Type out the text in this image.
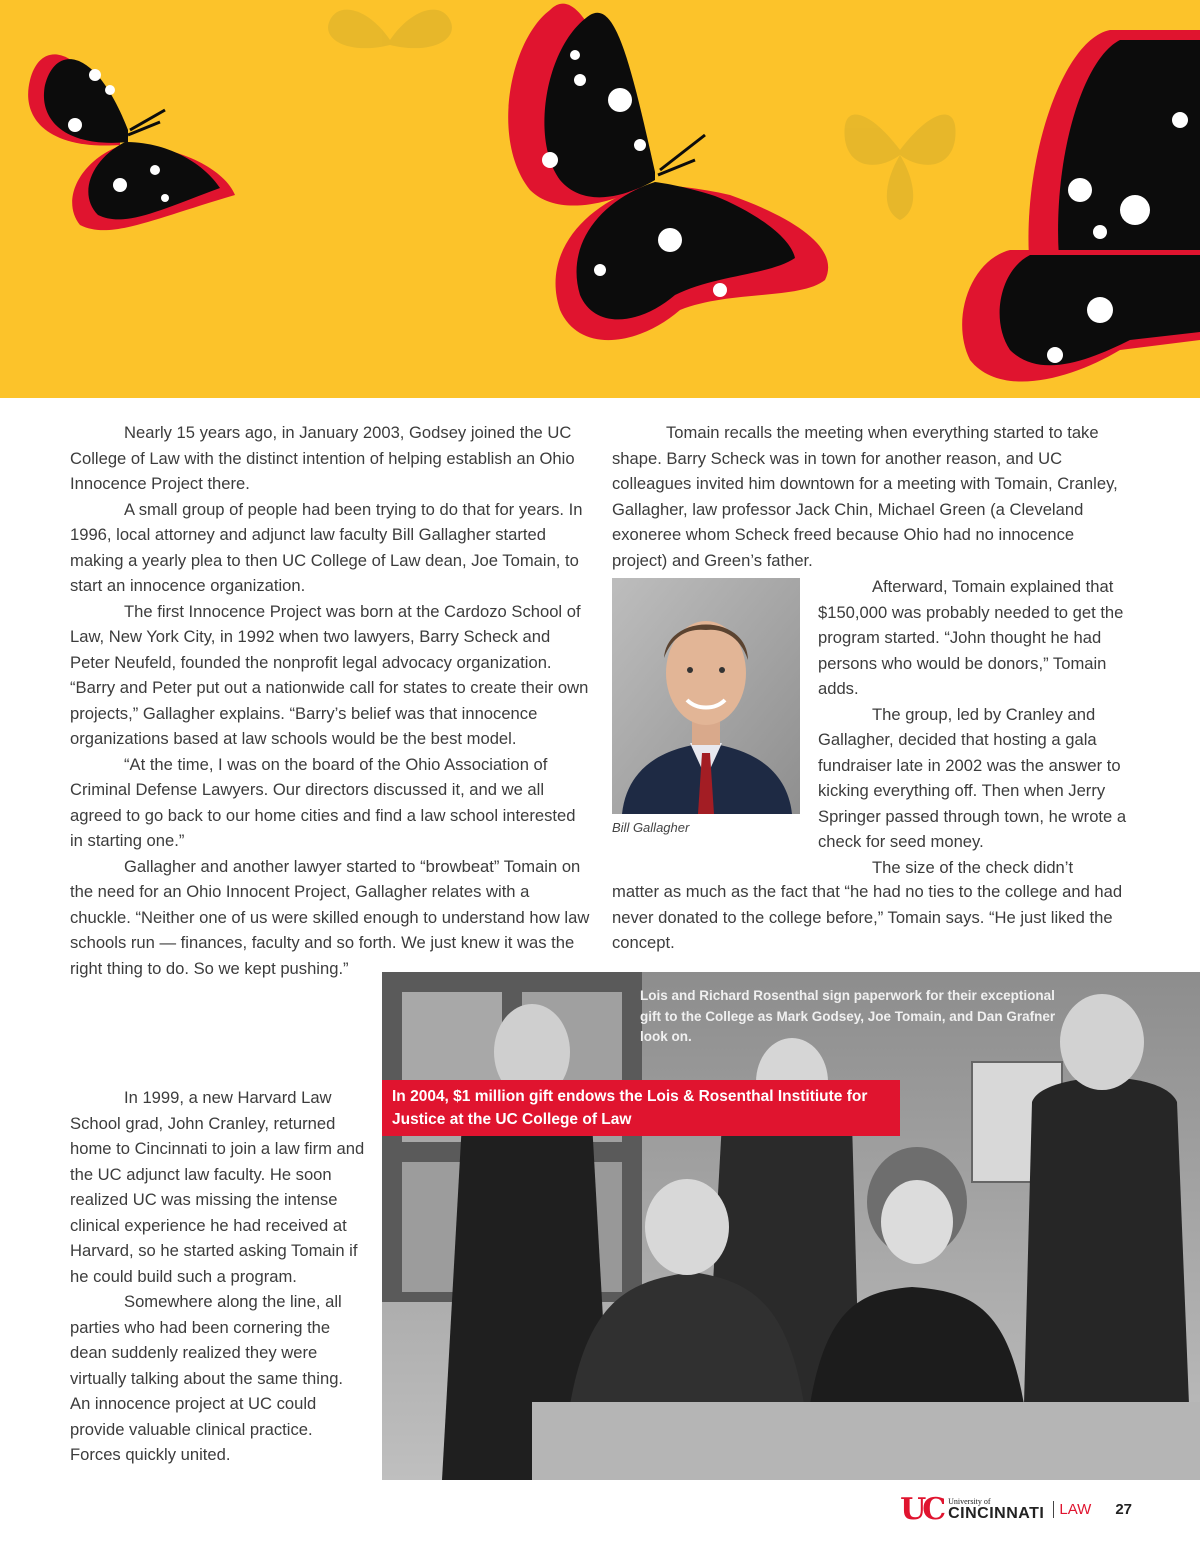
Nearly 15 years ago, in January 2003, Godsey joined the UC College of Law with the distinct intention of helping establish an Ohio Innocence Project there.

A small group of people had been trying to do that for years. In 1996, local attorney and adjunct law faculty Bill Gallagher started making a yearly plea to then UC College of Law dean, Joe Tomain, to start an innocence organization.

The first Innocence Project was born at the Cardozo School of Law, New York City, in 1992 when two lawyers, Barry Scheck and Peter Neufeld, founded the nonprofit legal advocacy organization. “Barry and Peter put out a nationwide call for states to create their own projects,” Gallagher explains. “Barry’s belief was that innocence organizations based at law schools would be the best model.

“At the time, I was on the board of the Ohio Association of Criminal Defense Lawyers. Our directors discussed it, and we all agreed to go back to our home cities and find a law school interested in starting one.”

Gallagher and another lawyer started to “browbeat” Tomain on the need for an Ohio Innocent Project, Gallagher relates with a chuckle. “Neither one of us were skilled enough to understand how law schools run — finances, faculty and so forth. We just knew it was the right thing to do. So we kept pushing.”

In 1999, a new Harvard Law School grad, John Cranley, returned home to Cincinnati to join a law firm and the UC adjunct law faculty. He soon realized UC was missing the intense clinical experience he had received at Harvard, so he started asking Tomain if he could build such a program.

Somewhere along the line, all parties who had been cornering the dean suddenly realized they were virtually talking about the same thing. An innocence project at UC could provide valuable clinical practice. Forces quickly united.

Tomain recalls the meeting when everything started to take shape. Barry Scheck was in town for another reason, and UC colleagues invited him downtown for a meeting with Tomain, Cranley, Gallagher, law professor Jack Chin, Michael Green (a Cleveland exoneree whom Scheck freed because Ohio had no innocence project) and Green’s father.

Bill Gallagher

Afterward, Tomain explained that $150,000 was probably needed to get the program started. “John thought he had persons who would be donors,” Tomain adds.

The group, led by Cranley and Gallagher, decided that hosting a gala fundraiser late in 2002 was the answer to kicking everything off. Then when Jerry Springer passed through town, he wrote a check for seed money.

The size of the check didn’t

matter as much as the fact that “he had no ties to the college and had never donated to the college before,” Tomain says. “He just liked the concept.

Lois and Richard Rosenthal sign paperwork for their exceptional gift to the College as Mark Godsey, Joe Tomain, and Dan Grafner look on.
In 2004, $1 million gift endows the Lois & Rosenthal Institiute for Justice at the UC College of Law
UC University of
CINCINNATI	LAW 27
